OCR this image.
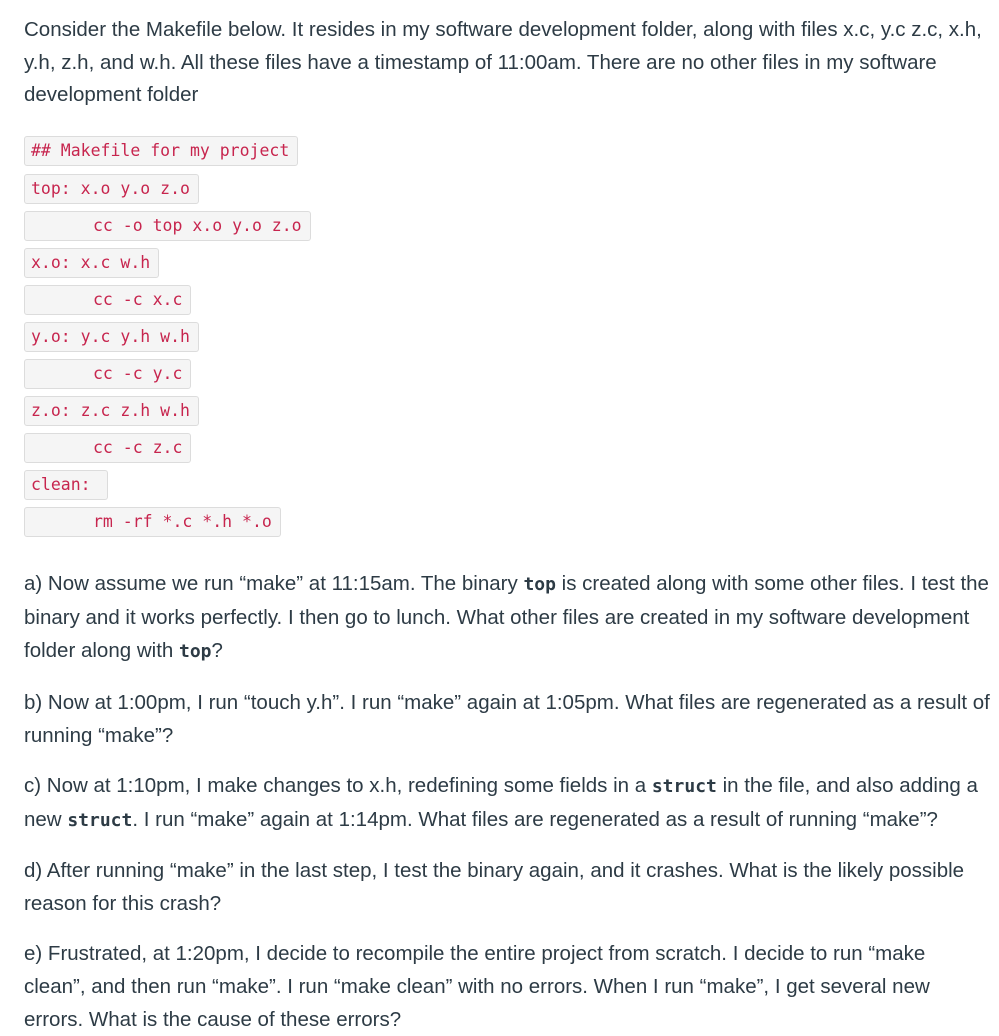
Consider the Makefile below. It resides in my software development folder, along with files x.c, y.c z.c, x.h, y.h, z.h, and w.h. All these files have a timestamp of 11:00am. There are no other files in my software development folder

## Makefile for my project
top: x.o y.o z.o
cc -o top x.o y.o z.o
x.o: x.c w.h
cc -c x.c
y.o: y.c y.h w.h
cc -c y.c
z.o: z.c z.h w.h
cc -c z.c
clean:
rm -rf *.c *.h *.o

a) Now assume we run “make” at 11:15am. The binary top is created along with some other files. I test the binary and it works perfectly. I then go to lunch. What other files are created in my software development folder along with top?

b) Now at 1:00pm, I run “touch y.h”. I run “make” again at 1:05pm. What files are regenerated as a result of running “make”?

c) Now at 1:10pm, I make changes to x.h, redefining some fields in a struct in the file, and also adding a new struct. I run “make” again at 1:14pm. What files are regenerated as a result of running “make”?

d) After running “make” in the last step, I test the binary again, and it crashes. What is the likely possible reason for this crash?

e) Frustrated, at 1:20pm, I decide to recompile the entire project from scratch. I decide to run “make clean”, and then run “make”. I run “make clean” with no errors. When I run “make”, I get several new errors. What is the cause of these errors?
